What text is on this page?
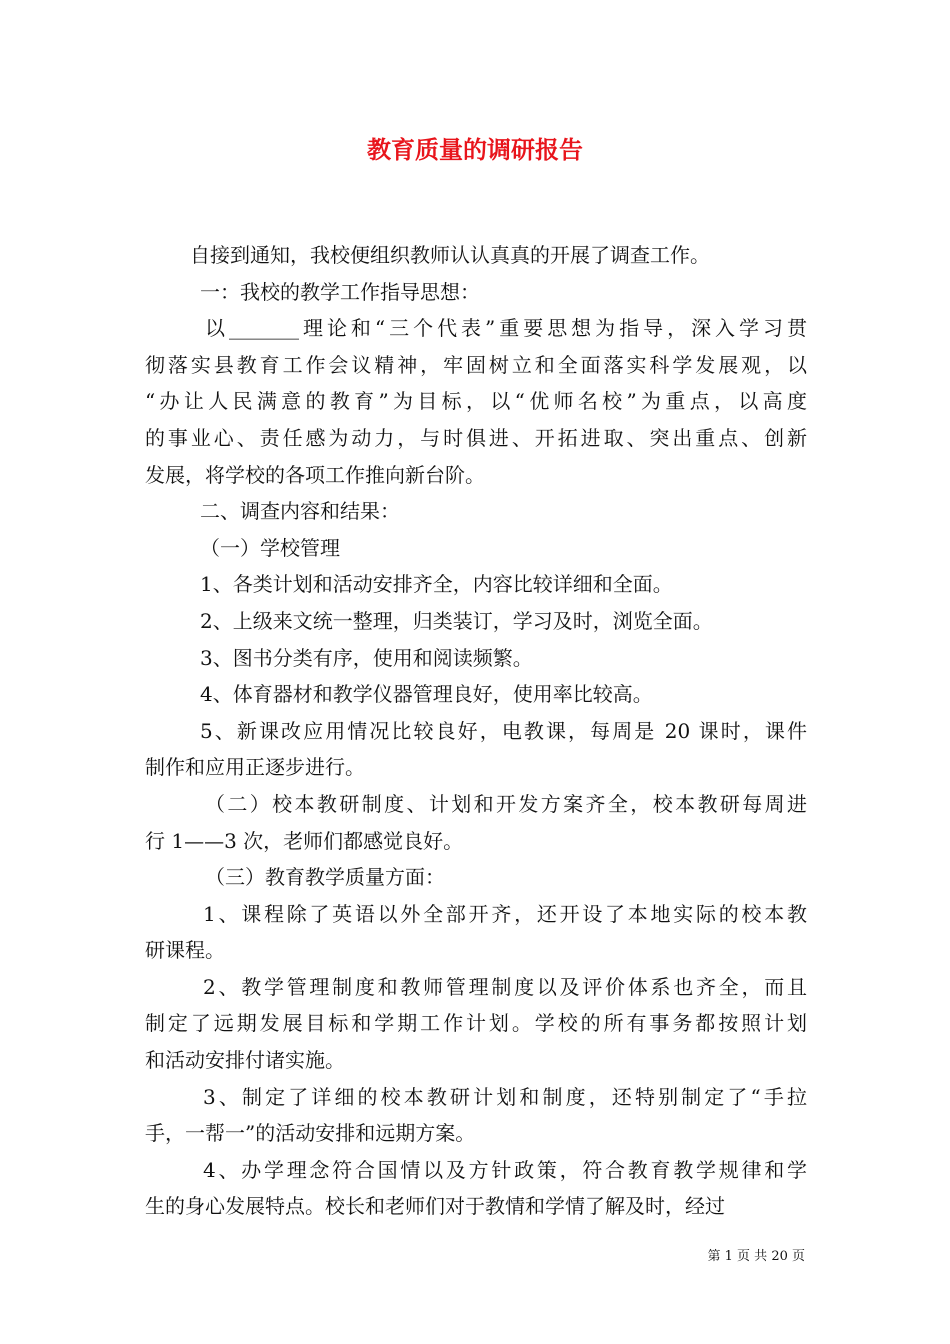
教育质量的调研报告
自接到通知，我校便组织教师认认真真的开展了调查工作。
一：我校的教学工作指导思想：
以_______理论和“三个代表”重要思想为指导，深入学习贯
彻落实县教育工作会议精神，牢固树立和全面落实科学发展观，以
“办让人民满意的教育”为目标，以“优师名校”为重点，以高度
的事业心、责任感为动力，与时俱进、开拓进取、突出重点、创新
发展，将学校的各项工作推向新台阶。
二、调查内容和结果：
（一）学校管理
1、各类计划和活动安排齐全，内容比较详细和全面。
2、上级来文统一整理，归类装订，学习及时，浏览全面。
3、图书分类有序，使用和阅读频繁。
4、体育器材和教学仪器管理良好，使用率比较高。
5、新课改应用情况比较良好，电教课，每周是 20 课时，课件
制作和应用正逐步进行。
（二）校本教研制度、计划和开发方案齐全，校本教研每周进
行 1——3 次，老师们都感觉良好。
（三）教育教学质量方面：
1、课程除了英语以外全部开齐，还开设了本地实际的校本教
研课程。
2、教学管理制度和教师管理制度以及评价体系也齐全，而且
制定了远期发展目标和学期工作计划。学校的所有事务都按照计划
和活动安排付诸实施。
3、制定了详细的校本教研计划和制度，还特别制定了“手拉
手，一帮一”的活动安排和远期方案。
4、办学理念符合国情以及方针政策，符合教育教学规律和学
生的身心发展特点。校长和老师们对于教情和学情了解及时，经过
第 1 页 共 20 页
